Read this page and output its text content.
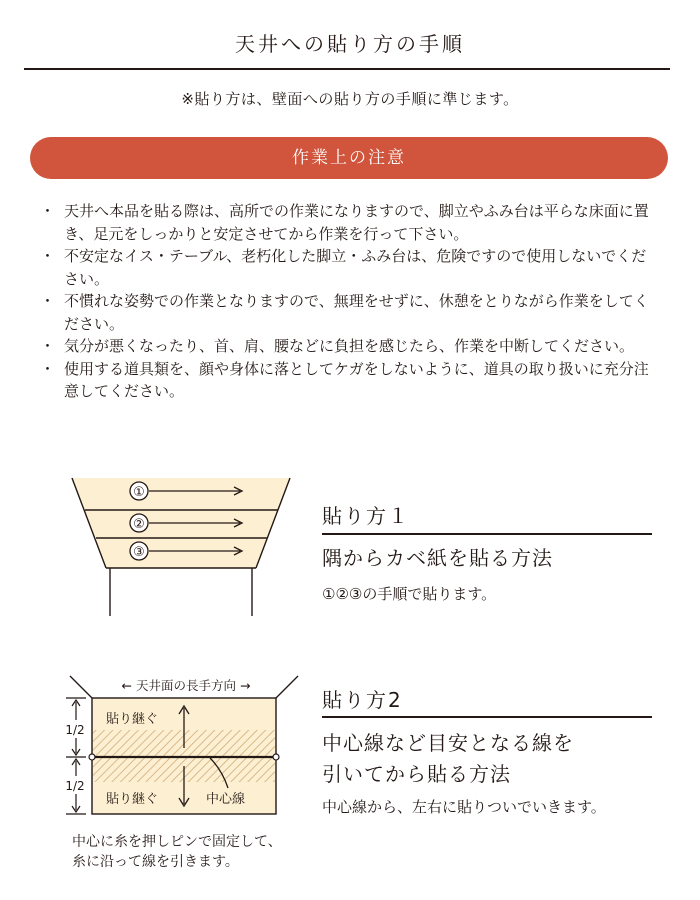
天井への貼り方の手順
※貼り方は、壁面への貼り方の手順に準じます。
作業上の注意
・ 天井へ本品を貼る際は、高所での作業になりますので、脚立やふみ台は平らな床面に置き、足元をしっかりと安定させてから作業を行って下さい。
・ 不安定なイス・テーブル、老朽化した脚立・ふみ台は、危険ですので使用しないでください。
・ 不慣れな姿勢での作業となりますので、無理をせずに、休憩をとりながら作業をしてください。
・ 気分が悪くなったり、首、肩、腰などに負担を感じたら、作業を中断してください。
・ 使用する道具類を、顔や身体に落としてケガをしないように、道具の取り扱いに充分注意してください。
①
②
③
貼り方１
隅からカベ紙を貼る方法
①②③の手順で貼ります。
← 天井面の長手方向 →
貼り継ぐ
貼り継ぐ	中心線
1/2
1/2
貼り方2
中心線など目安となる線を
引いてから貼る方法
中心線から、左右に貼りついでいきます。
中心に糸を押しピンで固定して、
糸に沿って線を引きます。
